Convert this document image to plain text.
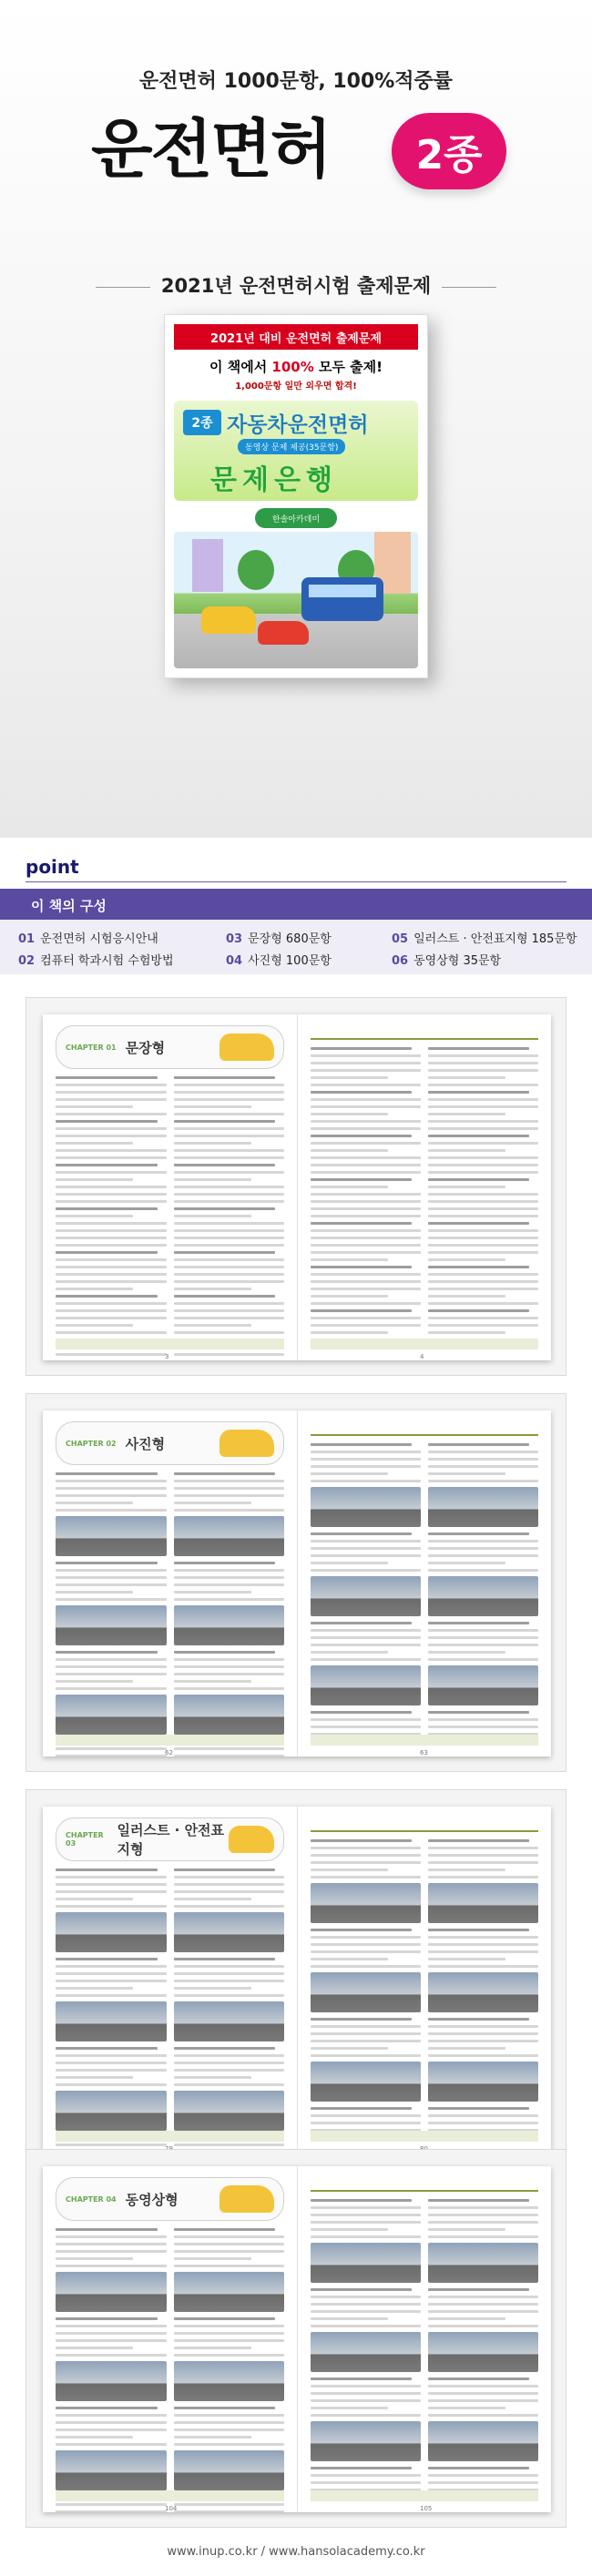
운전면허 1000문항, 100%적중률
운전면허	2종
2021년 운전면허시험 출제문제
2021년 대비 운전면허 출제문제
이 책에서 100% 모두 출제!
1,000문항 일만 외우면 합격!
2종 자동차운전면허
동영상 문제 제공(35문항)
문제은행
한솔아카데미
point
이 책의 구성
01 운전면허 시험응시안내
02 컴퓨터 학과시험 수험방법
03 문장형 680문항
04 사진형 100문항
05 일러스트 · 안전표지형 185문항
06 동영상형 35문항
CHAPTER 01 문장형
3	4
CHAPTER 02 사진형
62	63
CHAPTER 03
일러스트 · 안전표지형
CHAPTER 04 동영상형
104	105
www.inup.co.kr / www.hansolacademy.co.kr
